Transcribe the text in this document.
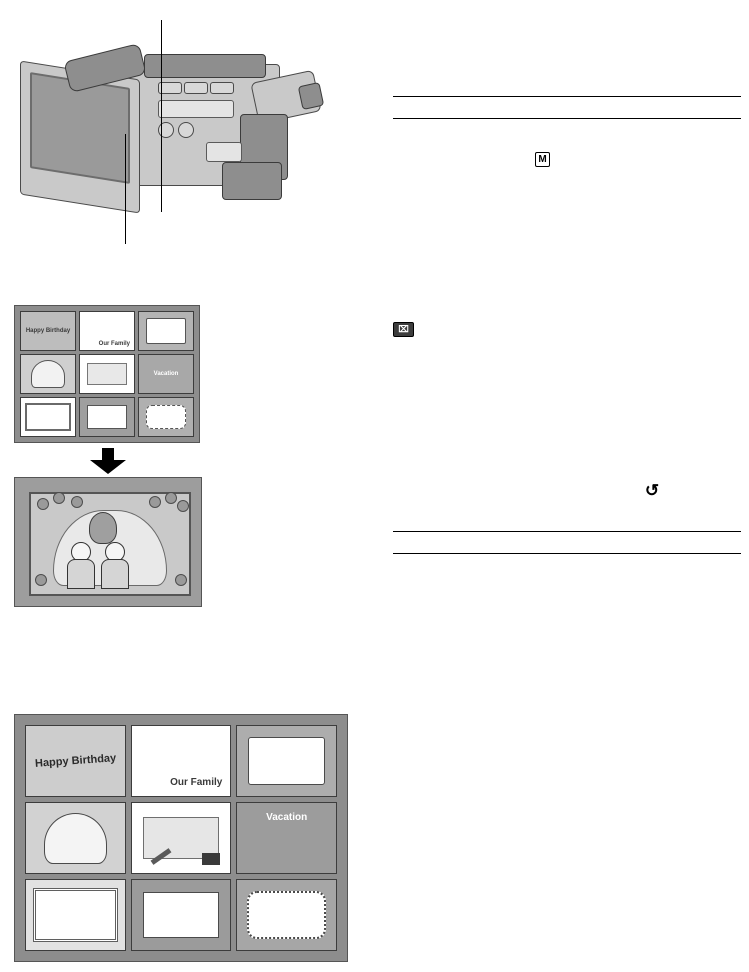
Happy Birthday
Our Family
Vacation
Happy Birthday
Our Family
Vacation
M
⌧
↺
